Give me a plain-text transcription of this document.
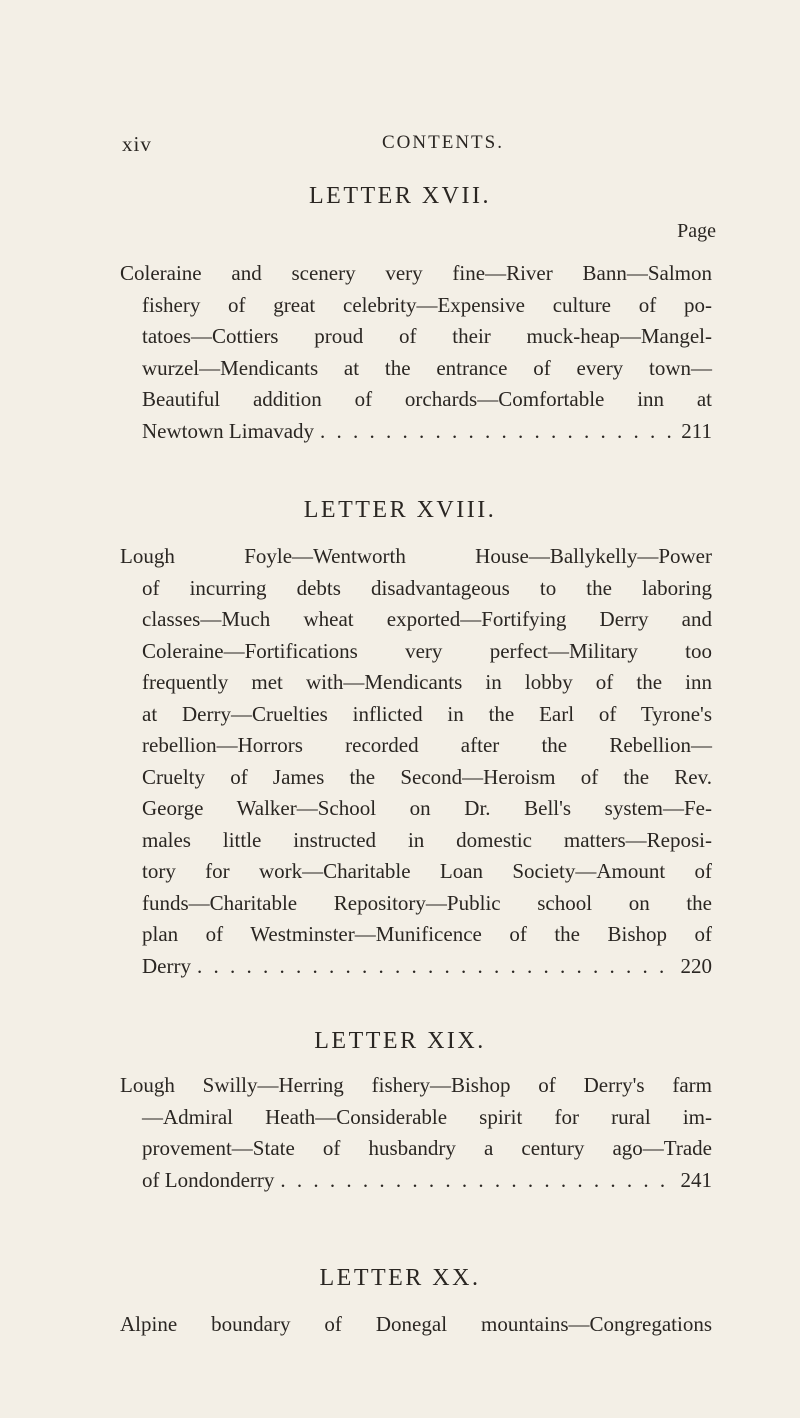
xiv	CONTENTS.
LETTER XVII.
Page
Coleraine and scenery very fine—River Bann—Salmon
fishery of great celebrity—Expensive culture of po-
tatoes—Cottiers proud of their muck-heap—Mangel-
wurzel—Mendicants at the entrance of every town—
Beautiful addition of orchards—Comfortable inn at
Newtown Limavady . . .	211
LETTER XVIII.
Lough Foyle—Wentworth House—Ballykelly—Power
of incurring debts disadvantageous to the laboring
classes—Much wheat exported—Fortifying Derry and
Coleraine—Fortifications very perfect—Military too
frequently met with—Mendicants in lobby of the inn
at Derry—Cruelties inflicted in the Earl of Tyrone's
rebellion—Horrors recorded after the Rebellion—
Cruelty of James the Second—Heroism of the Rev.
George Walker—School on Dr. Bell's system—Fe-
males little instructed in domestic matters—Reposi-
tory for work—Charitable Loan Society—Amount of
funds—Charitable Repository—Public school on the
plan of Westminster—Munificence of the Bishop of
Derry . . .	220
LETTER XIX.
Lough Swilly—Herring fishery—Bishop of Derry's farm
—Admiral Heath—Considerable spirit for rural im-
provement—State of husbandry a century ago—Trade
of Londonderry . . .	241
LETTER XX.
Alpine boundary of Donegal mountains—Congregations
